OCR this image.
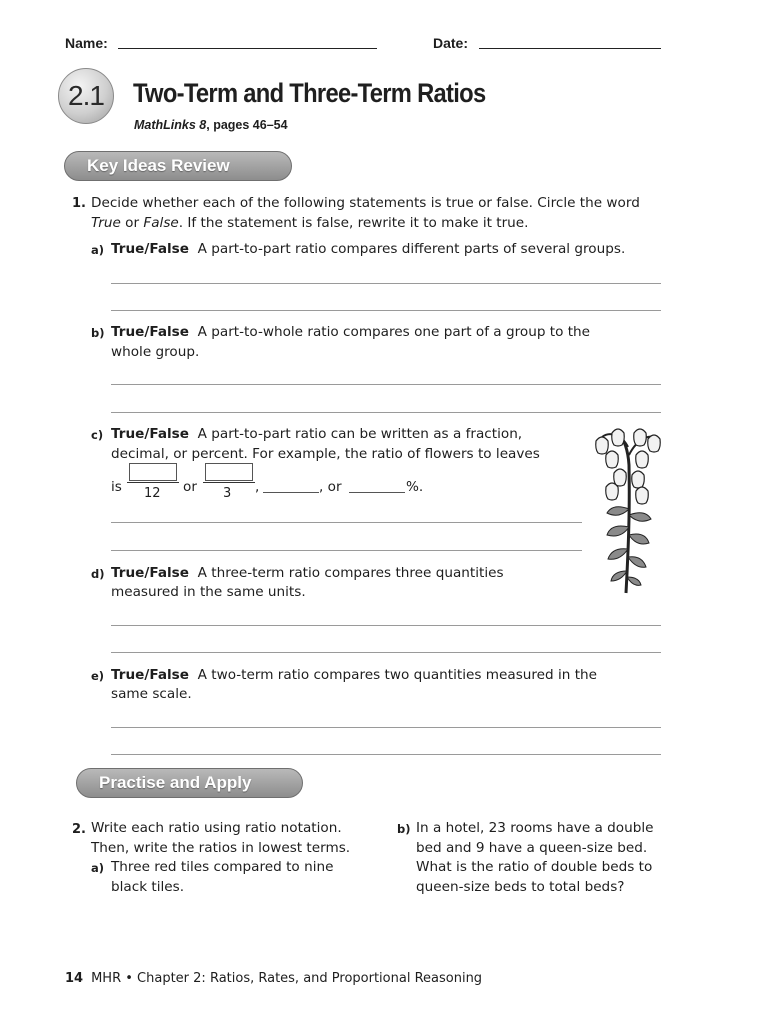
Name:	Date:
2.1	Two-Term and Three-Term Ratios
MathLinks 8, pages 46–54
Key Ideas Review
1. Decide whether each of the following statements is true or false. Circle the word
True or False. If the statement is false, rewrite it to make it true.
a) True/False A part-to-part ratio compares different parts of several groups.
b) True/False A part-to-whole ratio compares one part of a group to the
whole group.
c) True/False A part-to-part ratio can be written as a fraction,
decimal, or percent. For example, the ratio of flowers to leaves
is 12 or 3 ,	, or	%.
d) True/False A three-term ratio compares three quantities
measured in the same units.
e) True/False A two-term ratio compares two quantities measured in the
same scale.
Practise and Apply
2. Write each ratio using ratio notation.
Then, write the ratios in lowest terms.
a) Three red tiles compared to nine
black tiles.
b) In a hotel, 23 rooms have a double
bed and 9 have a queen-size bed.
What is the ratio of double beds to
queen-size beds to total beds?
14 MHR • Chapter 2: Ratios, Rates, and Proportional Reasoning
